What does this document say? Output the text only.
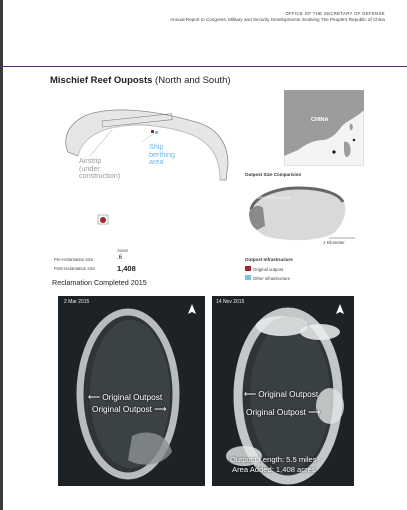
OFFICE OF THE SECRETARY OF DEFENSE
Annual Report to Congress: Military and Security Developments Involving The People's Republic of China
Mischief Reef Ouposts (North and South)
Airstrip
(under
construction)
Ship
berthing
area
CHINA
Outpost Size Comparision
Mischief Outposts
1 Kilometer
Acres
Pre-reclamation size	.6
Post-reclamation size	1,408
Reclamation Completed 2015
Outpost Infrastructure
Original outpost
Other infrastructure
2 Mar 2015
⟵ Original Outpost
Original Outpost ⟶
14 Nov 2015
⟵ Original Outpost
Original Outpost ⟶
Outpost Length: 5.5 miles
Area Added: 1,408 acres
